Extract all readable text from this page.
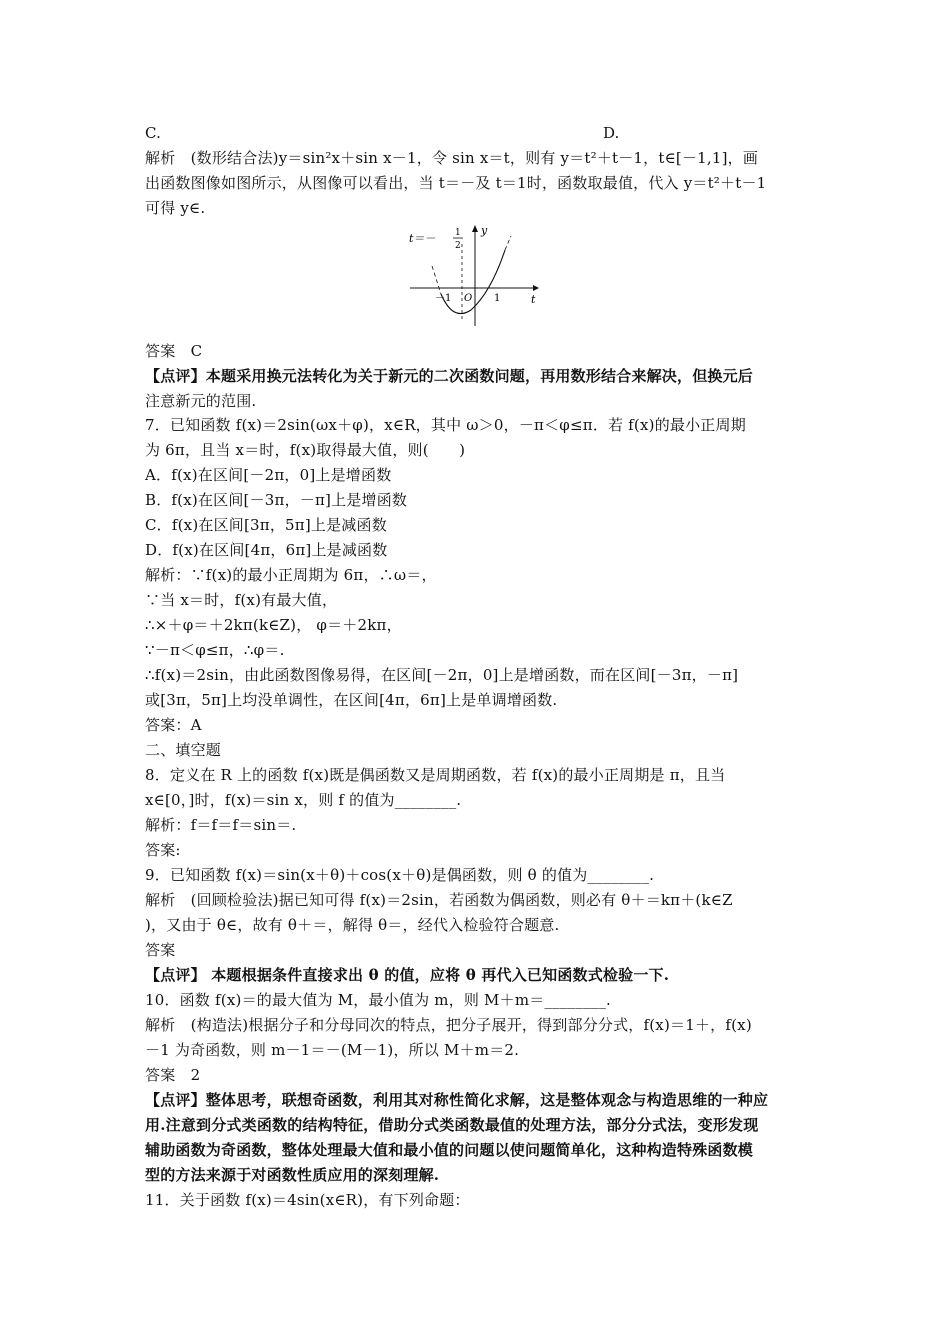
C.	D.
解析　(数形结合法)y＝sin²x＋sin x－1，令 sin x＝t，则有 y＝t²＋t－1，t∈[－1,1]，画
出函数图像如图所示，从图像可以看出，当 t＝－及 t＝1时，函数取最值，代入 y＝t²＋t－1
可得 y∈.
t＝－ 1
2
y
t
－1 O 1
答案　C
【点评】本题采用换元法转化为关于新元的二次函数问题，再用数形结合来解决，但换元后
注意新元的范围.
7．已知函数 f(x)＝2sin(ωx＋φ)，x∈R，其中 ω＞0，－π＜φ≤π．若 f(x)的最小正周期
为 6π，且当 x＝时，f(x)取得最大值，则(　　)
A．f(x)在区间[－2π，0]上是增函数
B．f(x)在区间[－3π，－π]上是增函数
C．f(x)在区间[3π，5π]上是减函数
D．f(x)在区间[4π，6π]上是减函数
解析：∵f(x)的最小正周期为 6π，∴ω＝，
∵当 x＝时，f(x)有最大值，
∴×＋φ＝＋2kπ(k∈Z)， φ＝＋2kπ，
∵－π＜φ≤π，∴φ＝.
∴f(x)＝2sin，由此函数图像易得，在区间[－2π，0]上是增函数，而在区间[－3π，－π]
或[3π，5π]上均没单调性，在区间[4π，6π]上是单调增函数.
答案：A
二、填空题
8．定义在 R 上的函数 f(x)既是偶函数又是周期函数，若 f(x)的最小正周期是 π，且当
x∈[0，]时，f(x)＝sin x，则 f 的值为________.
解析：f＝f＝f＝sin＝.
答案:
9．已知函数 f(x)＝sin(x＋θ)＋cos(x＋θ)是偶函数，则 θ 的值为________.
解析　(回顾检验法)据已知可得 f(x)＝2sin，若函数为偶函数，则必有 θ＋＝kπ＋(k∈Z
)，又由于 θ∈，故有 θ＋＝，解得 θ＝，经代入检验符合题意.
答案
【点评】 本题根据条件直接求出 θ 的值，应将 θ 再代入已知函数式检验一下.
10．函数 f(x)＝的最大值为 M，最小值为 m，则 M＋m＝________.
解析　(构造法)根据分子和分母同次的特点，把分子展开，得到部分分式，f(x)＝1＋，f(x)
－1 为奇函数，则 m－1＝－(M－1)，所以 M＋m＝2.
答案　2
【点评】整体思考，联想奇函数，利用其对称性简化求解，这是整体观念与构造思维的一种应
用.注意到分式类函数的结构特征，借助分式类函数最值的处理方法，部分分式法，变形发现
辅助函数为奇函数，整体处理最大值和最小值的问题以使问题简单化，这种构造特殊函数模
型的方法来源于对函数性质应用的深刻理解.
11．关于函数 f(x)＝4sin(x∈R)，有下列命题：
